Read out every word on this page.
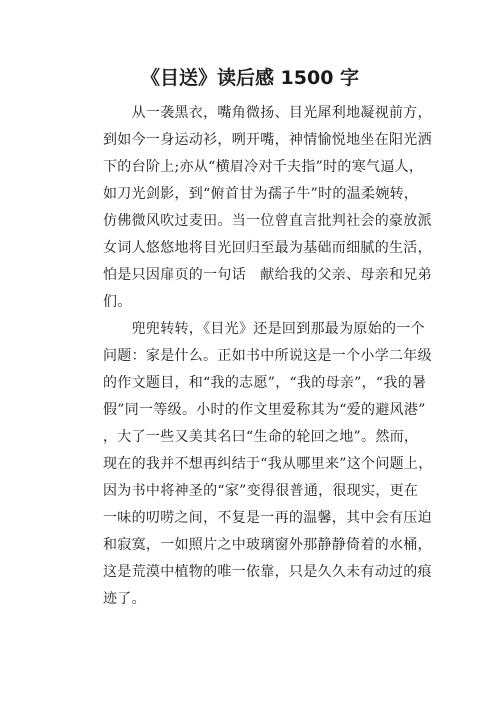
《目送》读后感 1500 字

　　从一袭黑衣，嘴角微扬、目光犀利地凝视前方，
到如今一身运动衫，咧开嘴，神情愉悦地坐在阳光洒
下的台阶上;亦从“横眉冷对千夫指”时的寒气逼人，
如刀光剑影，到“俯首甘为孺子牛”时的温柔婉转，
仿佛微风吹过麦田。当一位曾直言批判社会的豪放派
女词人悠悠地将目光回归至最为基础而细腻的生活，
怕是只因扉页的一句话　献给我的父亲、母亲和兄弟
们。

　　兜兜转转，《目光》还是回到那最为原始的一个
问题：家是什么。正如书中所说这是一个小学二年级
的作文题目，和“我的志愿”，“我的母亲”，“我的暑
假”同一等级。小时的作文里爱称其为“爱的避风港”
，大了一些又美其名曰“生命的轮回之地”。然而，
现在的我并不想再纠结于“我从哪里来”这个问题上，
因为书中将神圣的“家”变得很普通，很现实，更在
一味的叨唠之间，不复是一再的温馨，其中会有压迫
和寂寞，一如照片之中玻璃窗外那静静倚着的水桶，
这是荒漠中植物的唯一依靠，只是久久未有动过的痕
迹了。
